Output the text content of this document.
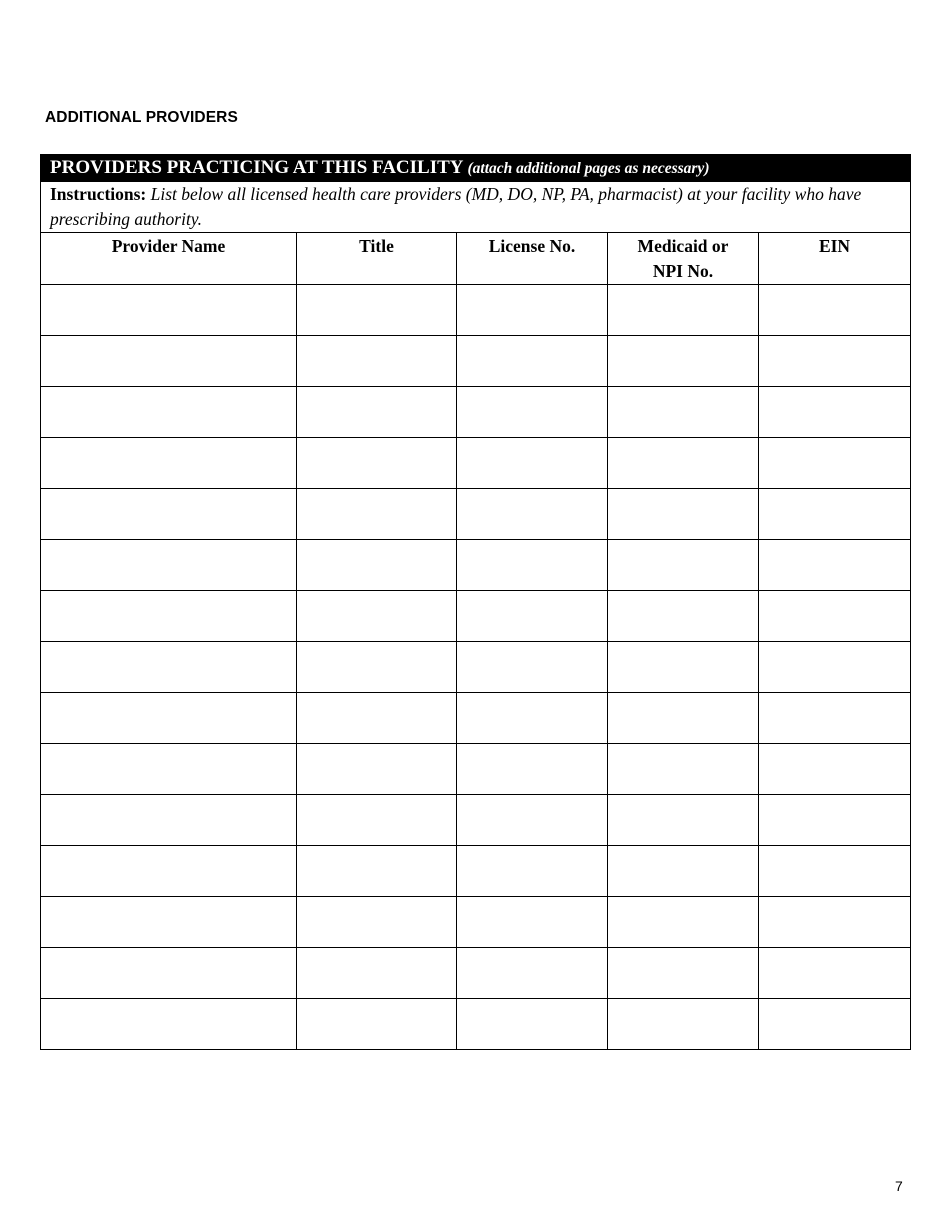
ADDITIONAL PROVIDERS
PROVIDERS PRACTICING AT THIS FACILITY (attach additional pages as necessary)				
Instructions: List below all licensed health care providers (MD, DO, NP, PA, pharmacist) at your facility who have prescribing authority.				

Provider Name	Title	License No.	Medicaid or NPI No.	EIN

7
